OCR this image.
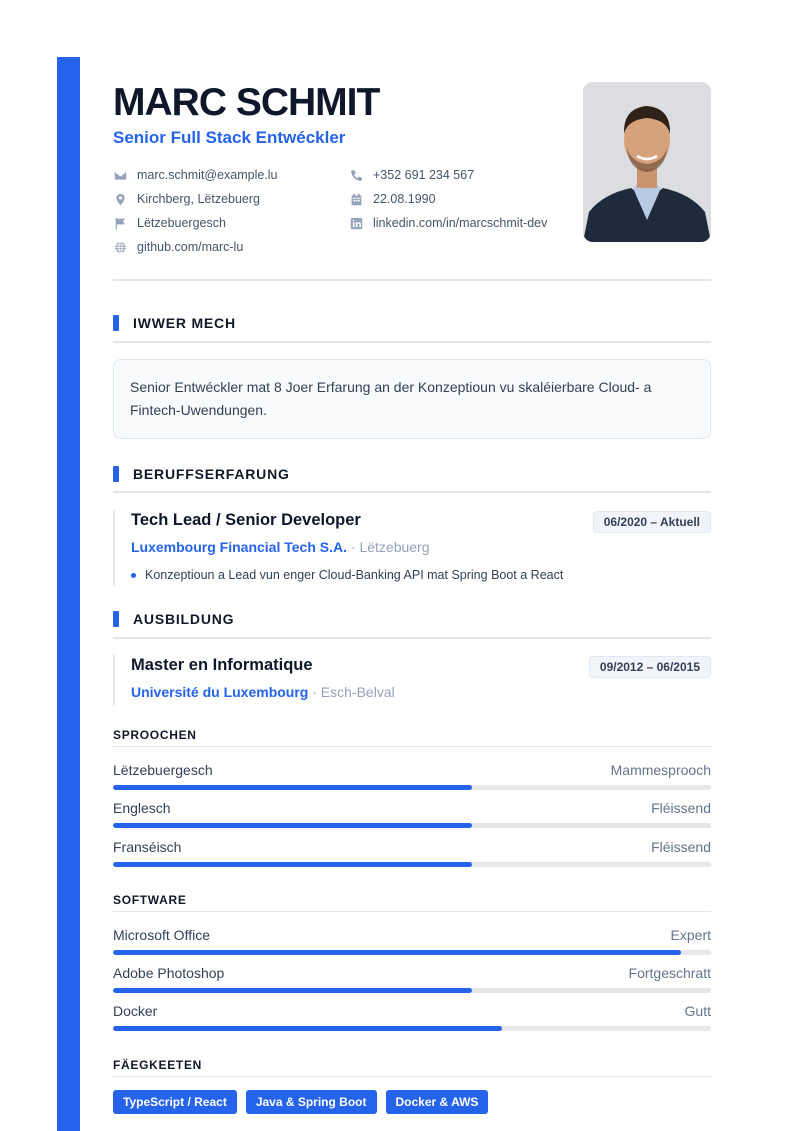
MARC SCHMIT
Senior Full Stack Entwéckler
marc.schmit@example.lu	+352 691 234 567
Kirchberg, Lëtzebuerg	22.08.1990
Lëtzebuergesch	linkedin.com/in/marcschmit-dev
github.com/marc-lu
IWWER MECH
Senior Entwéckler mat 8 Joer Erfarung an der Konzeptioun vu skaléierbare Cloud- a Fintech-Uwendungen.
BERUFFSERFARUNG
Tech Lead / Senior Developer	06/2020 – Aktuell
Luxembourg Financial Tech S.A. · Lëtzebuerg
Konzeptioun a Lead vun enger Cloud-Banking API mat Spring Boot a React
AUSBILDUNG
Master en Informatique	09/2012 – 06/2015
Université du Luxembourg · Esch-Belval
SPROOCHEN
Lëtzebuergesch	Mammesprooch
Englesch	Fléissend
Franséisch	Fléissend
SOFTWARE
Microsoft Office	Expert
Adobe Photoshop	Fortgeschratt
Docker	Gutt
FÄEGKEETEN
TypeScript / React	Java & Spring Boot	Docker & AWS
